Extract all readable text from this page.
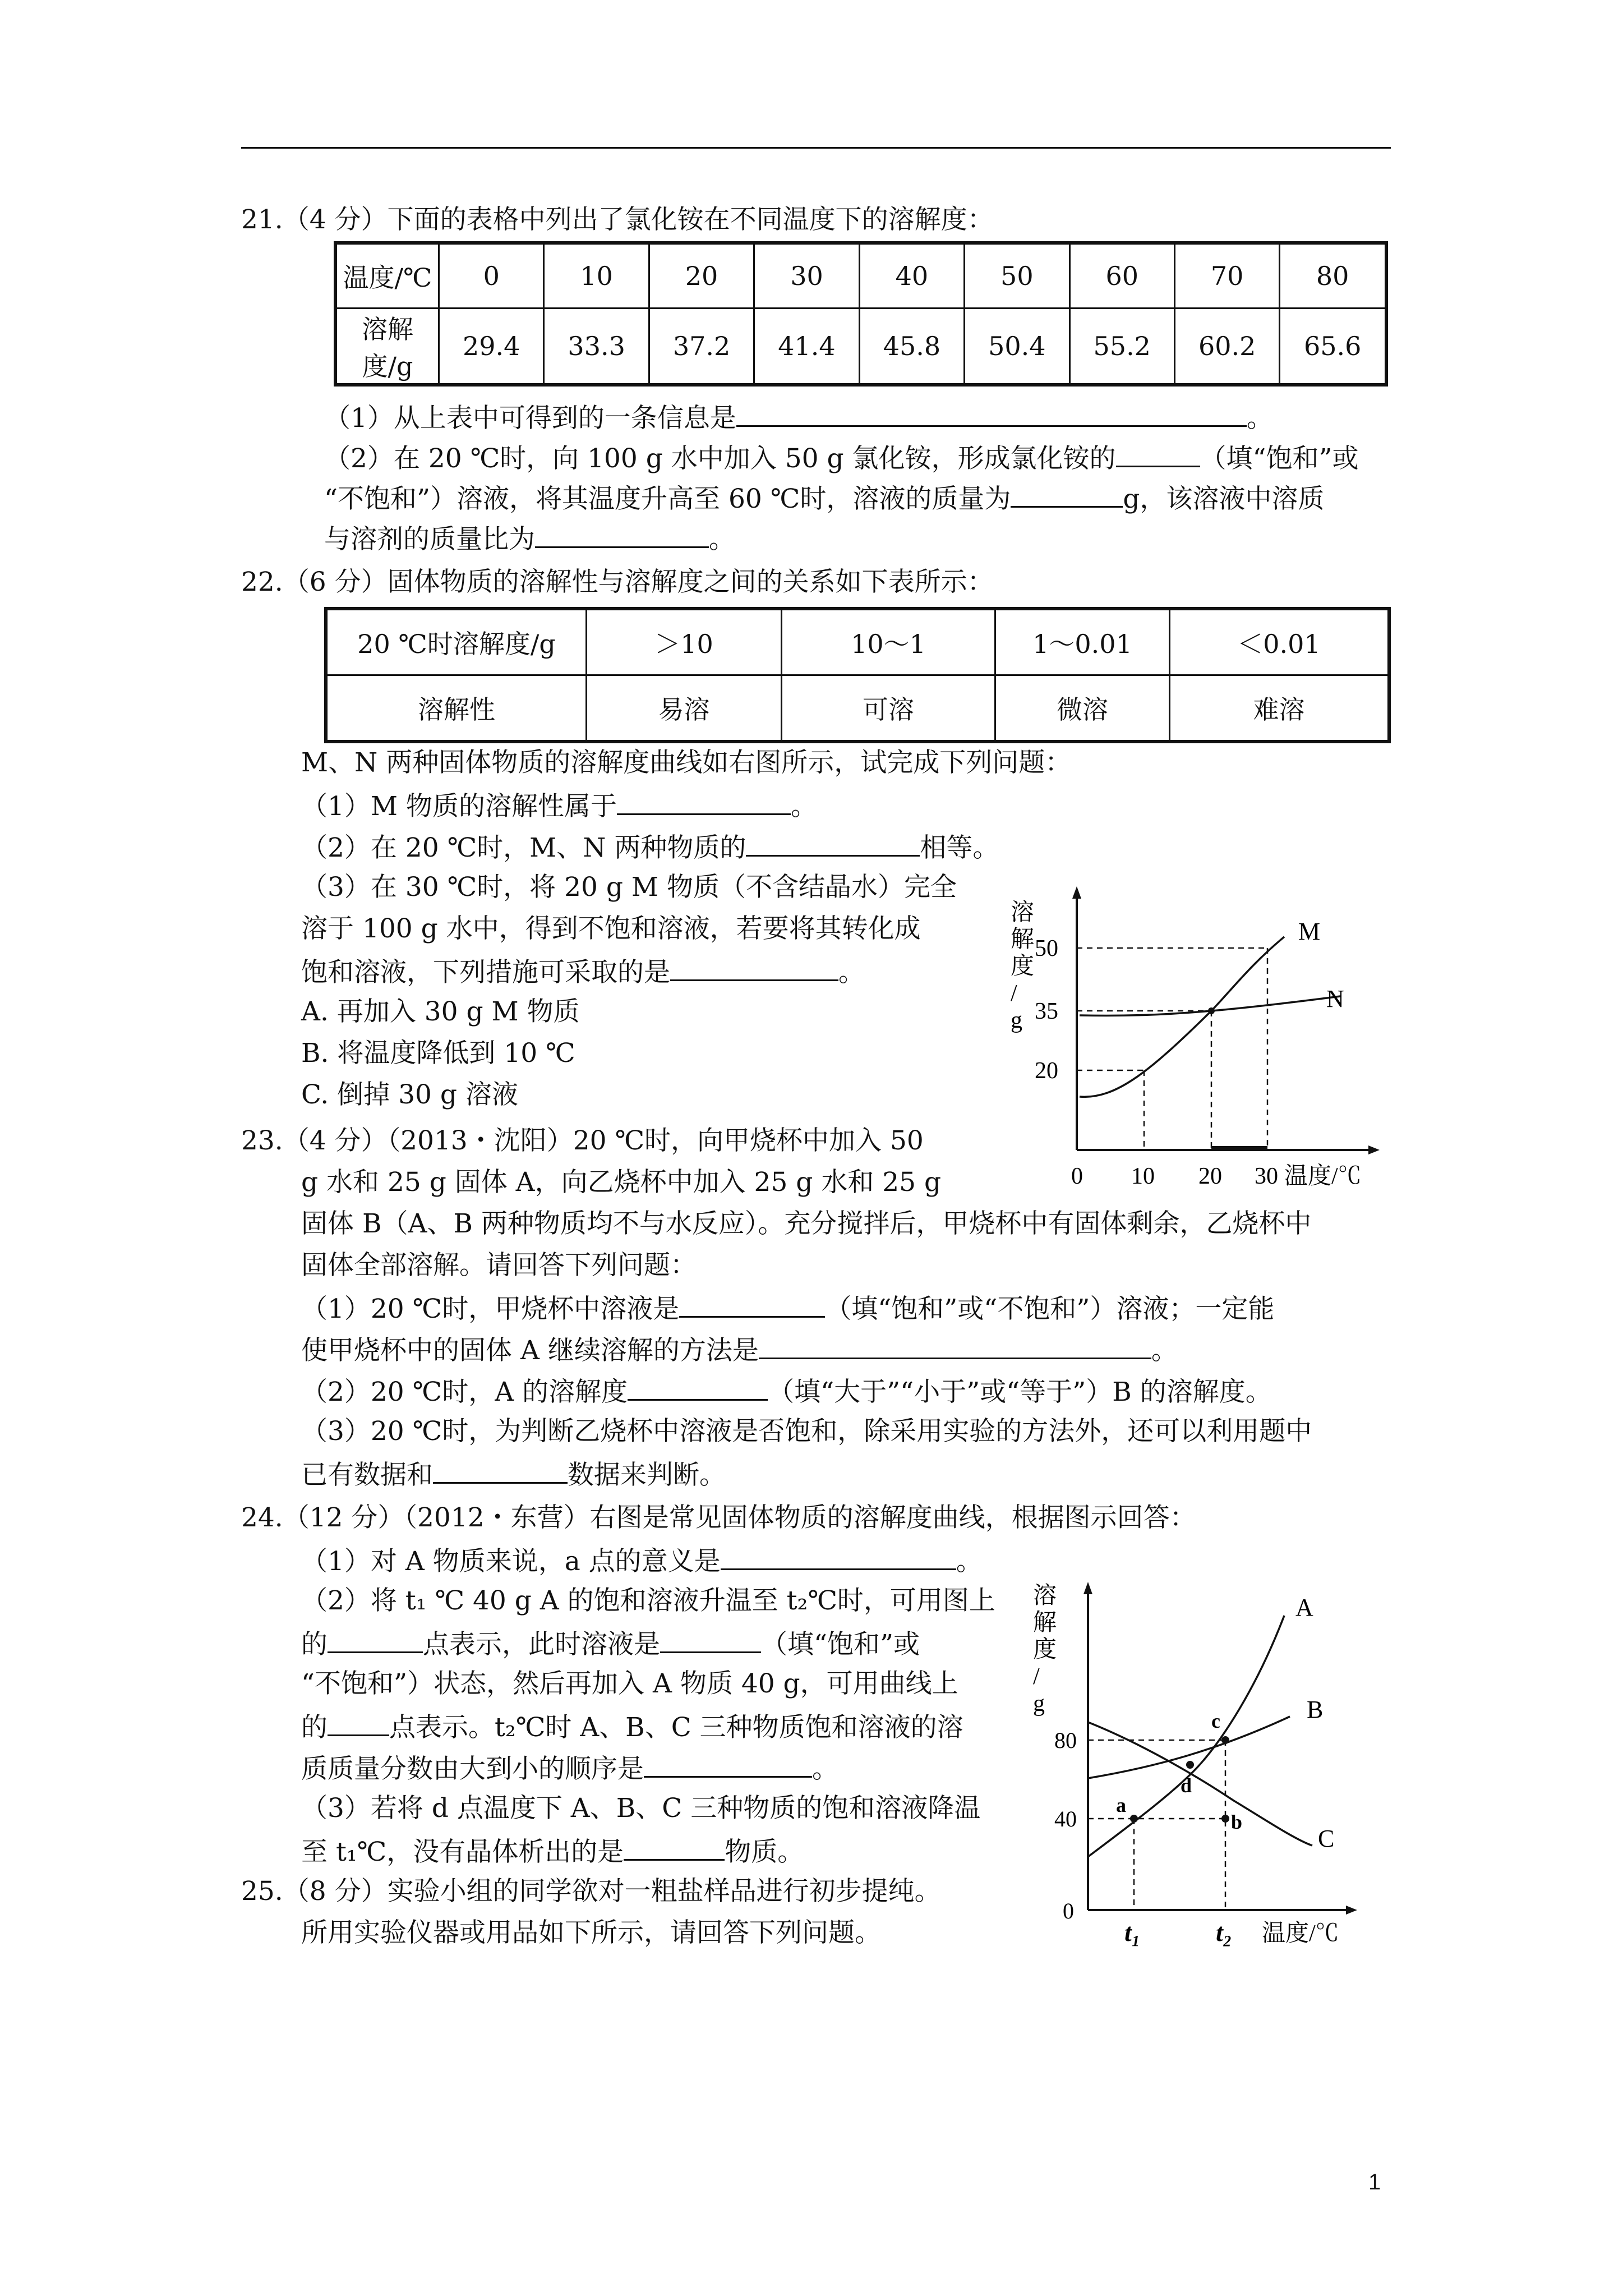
21.（4 分）下面的表格中列出了氯化铵在不同温度下的溶解度：
温度/℃	0	10	20	30	40	50	60	70	80
溶解度/g	29.4	33.3	37.2	41.4	45.8	50.4	55.2	60.2	65.6
（1）从上表中可得到的一条信息是	。
（2）在 20 ℃时，向 100 g 水中加入 50 g 氯化铵，形成氯化铵的	（填“饱和”或
“不饱和”）溶液，将其温度升高至 60 ℃时，溶液的质量为	g，该溶液中溶质
与溶剂的质量比为	。
22.（6 分）固体物质的溶解性与溶解度之间的关系如下表所示：
20 ℃时溶解度/g	＞10	10～1	1～0.01	＜0.01
溶解性	易溶	可溶	微溶	难溶
M、N 两种固体物质的溶解度曲线如右图所示，试完成下列问题：
（1）M 物质的溶解性属于	。
（2）在 20 ℃时，M、N 两种物质的	相等。
（3）在 30 ℃时，将 20 g M 物质（不含结晶水）完全
溶于 100 g 水中，得到不饱和溶液，若要将其转化成
饱和溶液，下列措施可采取的是	。
A. 再加入 30 g M 物质
B. 将温度降低到 10 ℃
C. 倒掉 30 g 溶液
溶
解
度
/
g
M
N
50
35
20
0 10 20 30 温度/℃
23.（4 分）（2013・沈阳）20 ℃时，向甲烧杯中加入 50
g 水和 25 g 固体 A，向乙烧杯中加入 25 g 水和 25 g
固体 B（A、B 两种物质均不与水反应）。充分搅拌后，甲烧杯中有固体剩余，乙烧杯中
固体全部溶解。请回答下列问题：
（1）20 ℃时，甲烧杯中溶液是	（填“饱和”或“不饱和”）溶液；一定能
使甲烧杯中的固体 A 继续溶解的方法是	。
（2）20 ℃时，A 的溶解度	（填“大于”“小于”或“等于”）B 的溶解度。
（3）20 ℃时，为判断乙烧杯中溶液是否饱和，除采用实验的方法外，还可以利用题中
已有数据和	数据来判断。
24.（12 分）（2012・东营）右图是常见固体物质的溶解度曲线，根据图示回答：
（1）对 A 物质来说，a 点的意义是	。
（2）将 t₁ ℃ 40 g A 的饱和溶液升温至 t₂℃时，可用图上
的	点表示，此时溶液是	（填“饱和”或
“不饱和”）状态，然后再加入 A 物质 40 g，可用曲线上
的 点表示。t₂℃时 A、B、C 三种物质饱和溶液的溶
质质量分数由大到小的顺序是	。
（3）若将 d 点温度下 A、B、C 三种物质的饱和溶液降温
至 t₁℃，没有晶体析出的是	物质。
溶
解
度
/
g
a
b
c
d
A
B
C
80
40
0
t₁	t₂ 温度/℃
25.（8 分）实验小组的同学欲对一粗盐样品进行初步提纯。
所用实验仪器或用品如下所示，请回答下列问题。
1
